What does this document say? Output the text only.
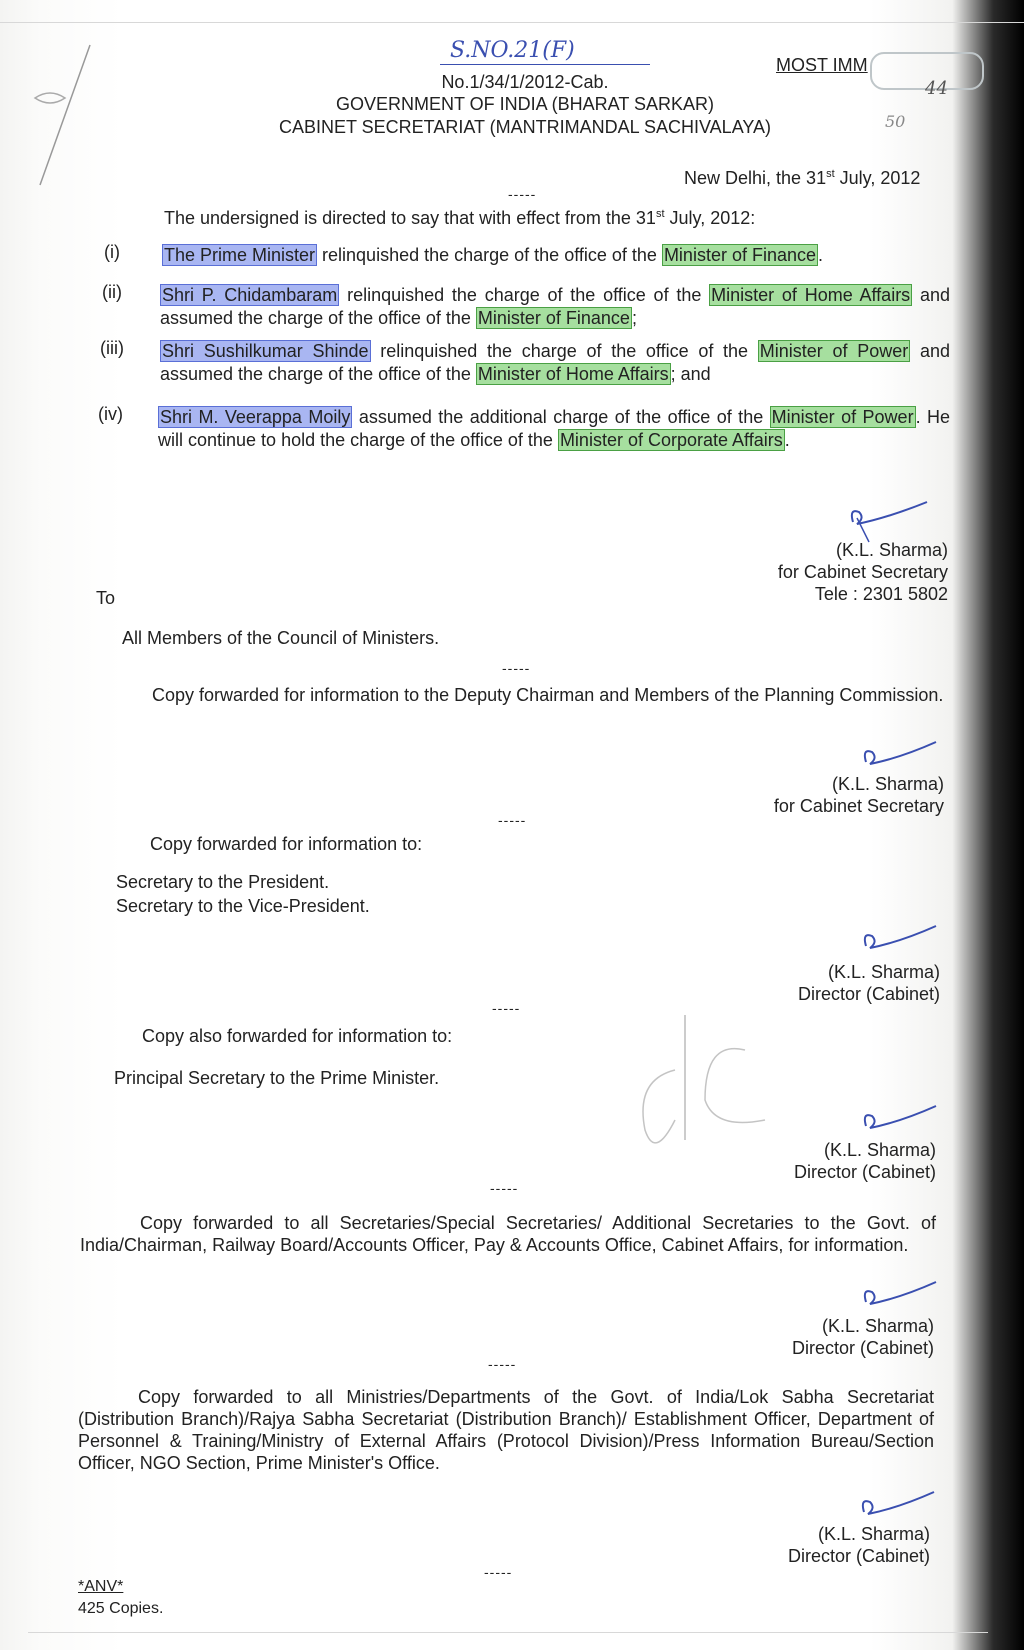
S.NO.21(F)
MOST IMM
44
50
No.1/34/1/2012-Cab.
GOVERNMENT OF INDIA (BHARAT SARKAR)
CABINET SECRETARIAT (MANTRIMANDAL SACHIVALAYA)
New Delhi, the 31st July, 2012
-----
The undersigned is directed to say that with effect from the 31st July, 2012:
(i) The Prime Minister relinquished the charge of the office of the Minister of Finance .
(ii) Shri P. Chidambaram relinquished the charge of the office of the Minister of Home Affairs and assumed the charge of the office of the Minister of Finance ;
(iii) Shri Sushilkumar Shinde relinquished the charge of the office of the Minister of Power and assumed the charge of the office of the Minister of Home Affairs ; and
(iv) Shri M. Veerappa Moily assumed the additional charge of the office of the Minister of Power . He will continue to hold the charge of the office of the Minister of Corporate Affairs .
(K.L. Sharma)
for Cabinet Secretary
Tele : 2301 5802
To
All Members of the Council of Ministers.
-----
Copy forwarded for information to the Deputy Chairman and Members of the Planning Commission.
(K.L. Sharma)
for Cabinet Secretary
-----
Copy forwarded for information to:
Secretary to the President.
Secretary to the Vice-President.
(K.L. Sharma)
Director (Cabinet)
-----
Copy also forwarded for information to:
Principal Secretary to the Prime Minister.
(K.L. Sharma)
Director (Cabinet)
-----
Copy forwarded to all Secretaries/Special Secretaries/ Additional Secretaries to the Govt. of India/Chairman, Railway Board/Accounts Officer, Pay & Accounts Office, Cabinet Affairs, for information.
(K.L. Sharma)
Director (Cabinet)
-----
Copy forwarded to all Ministries/Departments of the Govt. of India/Lok Sabha Secretariat (Distribution Branch)/Rajya Sabha Secretariat (Distribution Branch)/ Establishment Officer, Department of Personnel & Training/Ministry of External Affairs (Protocol Division)/Press Information Bureau/Section Officer, NGO Section, Prime Minister's Office.
(K.L. Sharma)
Director (Cabinet)
-----
*ANV*
425 Copies.
